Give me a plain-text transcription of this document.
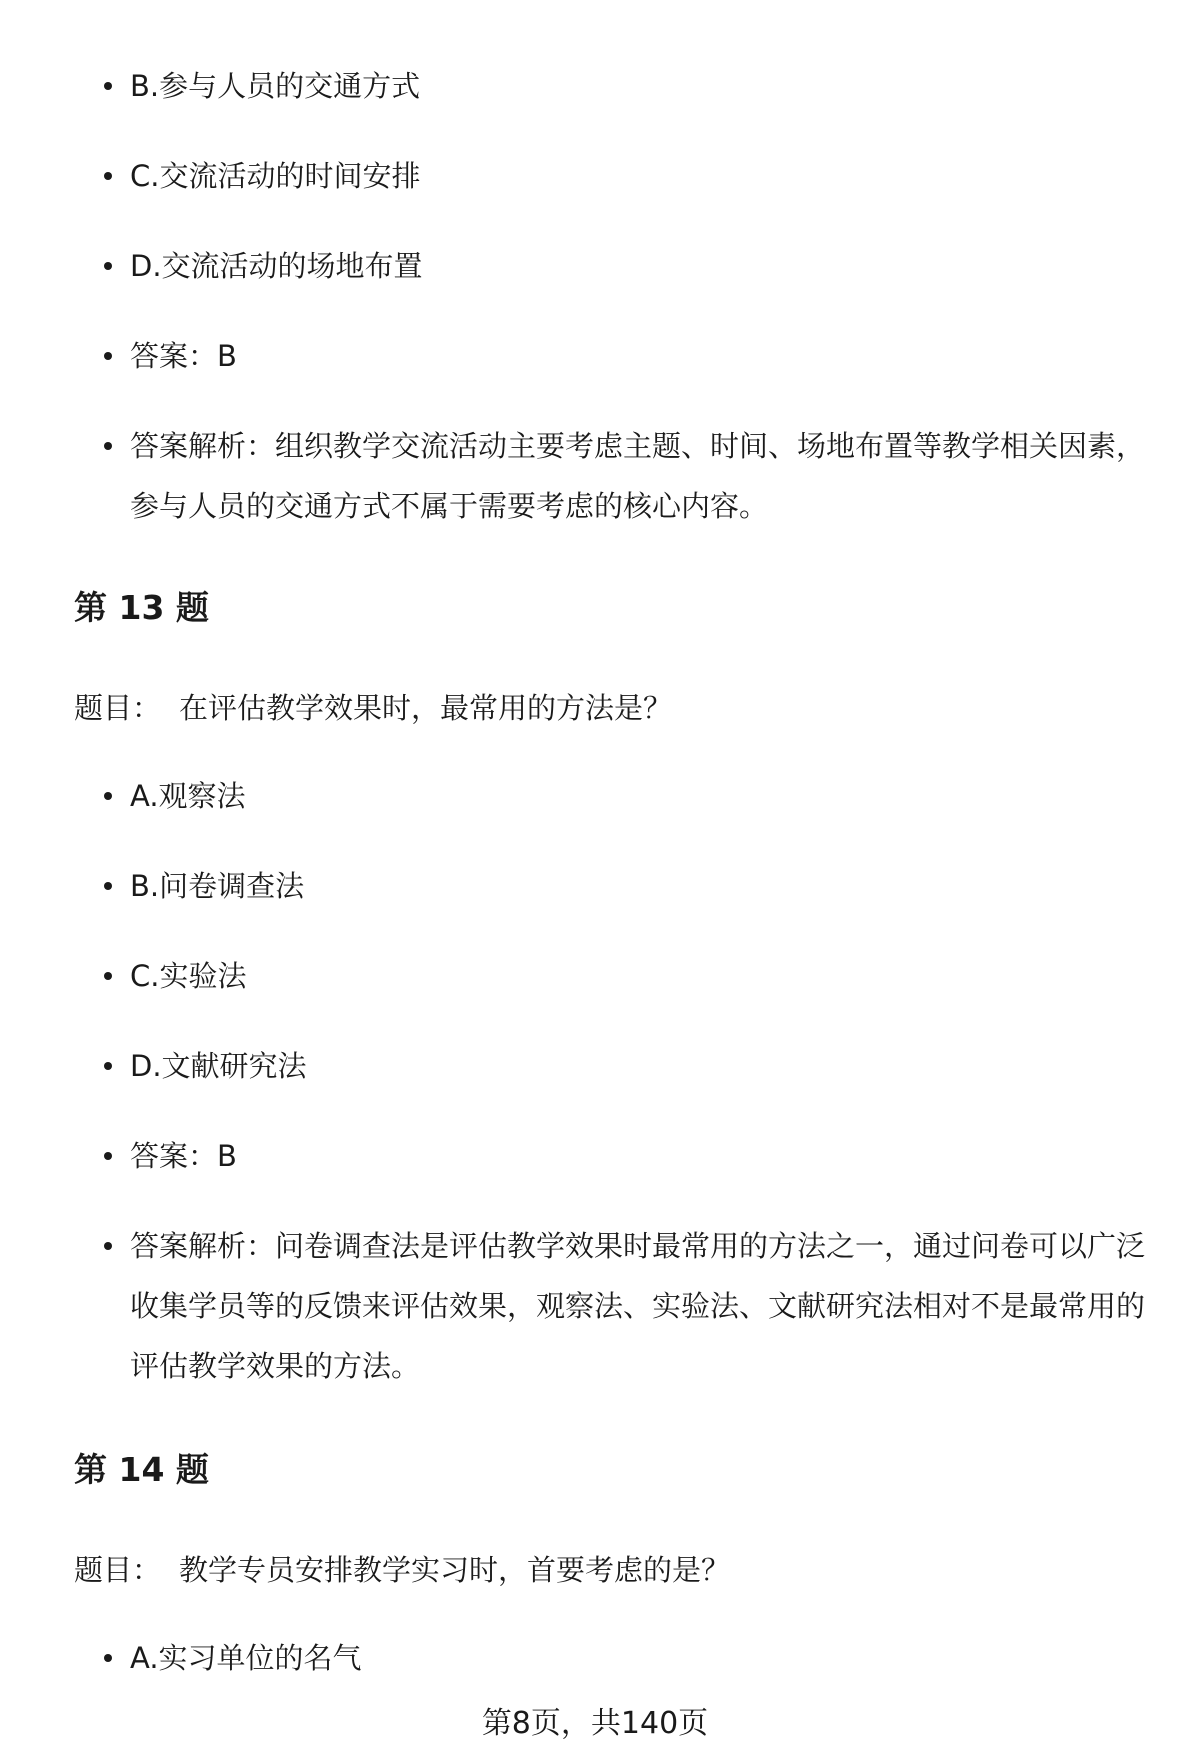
B.参与人员的交通方式
C.交流活动的时间安排
D.交流活动的场地布置
答案：B
答案解析：组织教学交流活动主要考虑主题、时间、场地布置等教学相关因素，参与人员的交通方式不属于需要考虑的核心内容。
第 13 题

题目： 在评估教学效果时，最常用的方法是？

A.观察法
B.问卷调查法
C.实验法
D.文献研究法
答案：B
答案解析：问卷调查法是评估教学效果时最常用的方法之一，通过问卷可以广泛收集学员等的反馈来评估效果，观察法、实验法、文献研究法相对不是最常用的评估教学效果的方法。
第 14 题

题目： 教学专员安排教学实习时，首要考虑的是？

A.实习单位的名气
第8页，共140页
